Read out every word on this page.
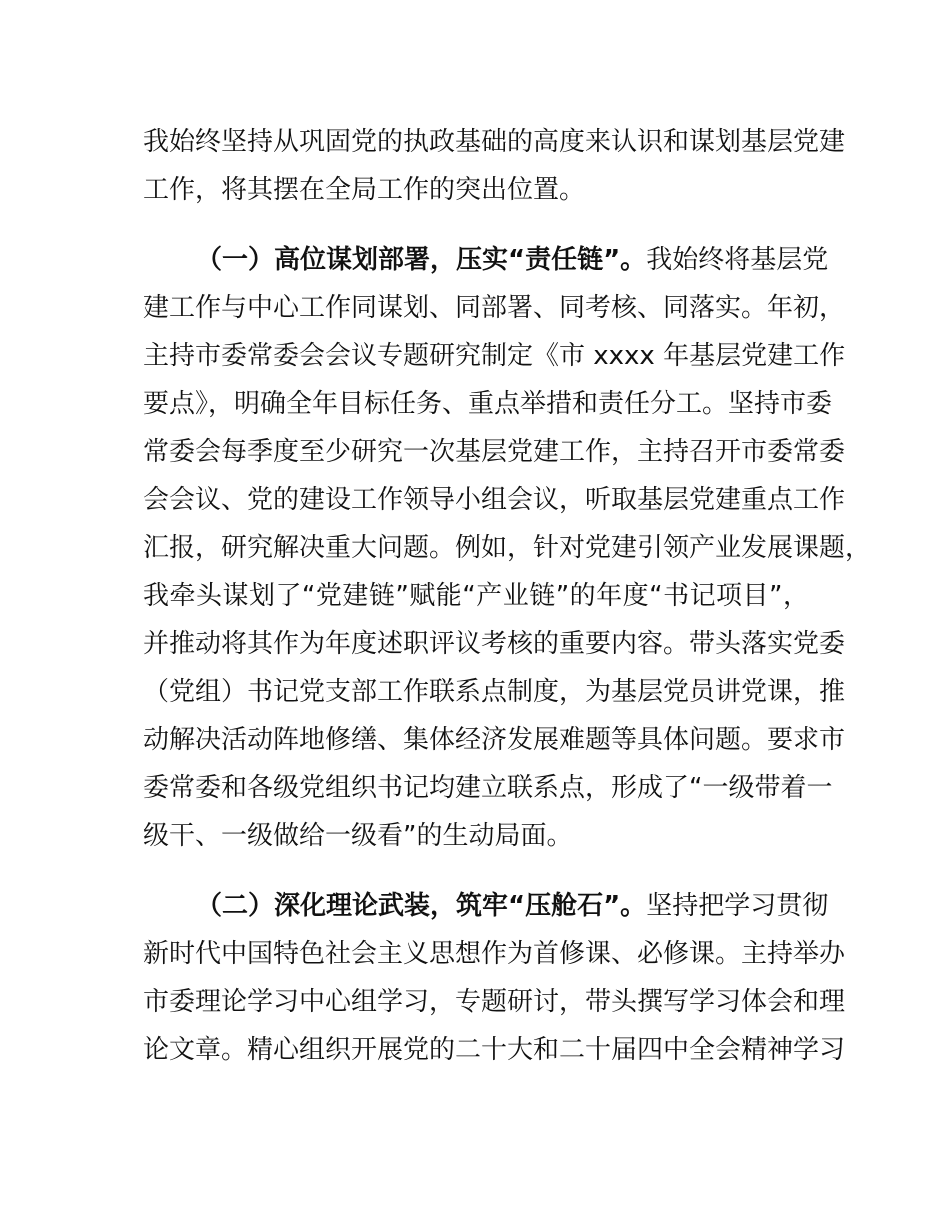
我始终坚持从巩固党的执政基础的高度来认识和谋划基层党建
工作，将其摆在全局工作的突出位置。
（一）高位谋划部署，压实“责任链”。我始终将基层党
建工作与中心工作同谋划、同部署、同考核、同落实。年初，
主持市委常委会会议专题研究制定《市 xxxx 年基层党建工作
要点》，明确全年目标任务、重点举措和责任分工。坚持市委
常委会每季度至少研究一次基层党建工作，主持召开市委常委
会会议、党的建设工作领导小组会议，听取基层党建重点工作
汇报，研究解决重大问题。例如，针对党建引领产业发展课题，
我牵头谋划了“党建链”赋能“产业链”的年度“书记项目”，
并推动将其作为年度述职评议考核的重要内容。带头落实党委
（党组）书记党支部工作联系点制度，为基层党员讲党课，推
动解决活动阵地修缮、集体经济发展难题等具体问题。要求市
委常委和各级党组织书记均建立联系点，形成了“一级带着一
级干、一级做给一级看”的生动局面。
（二）深化理论武装，筑牢“压舱石”。坚持把学习贯彻
新时代中国特色社会主义思想作为首修课、必修课。主持举办
市委理论学习中心组学习，专题研讨，带头撰写学习体会和理
论文章。精心组织开展党的二十大和二十届四中全会精神学习
